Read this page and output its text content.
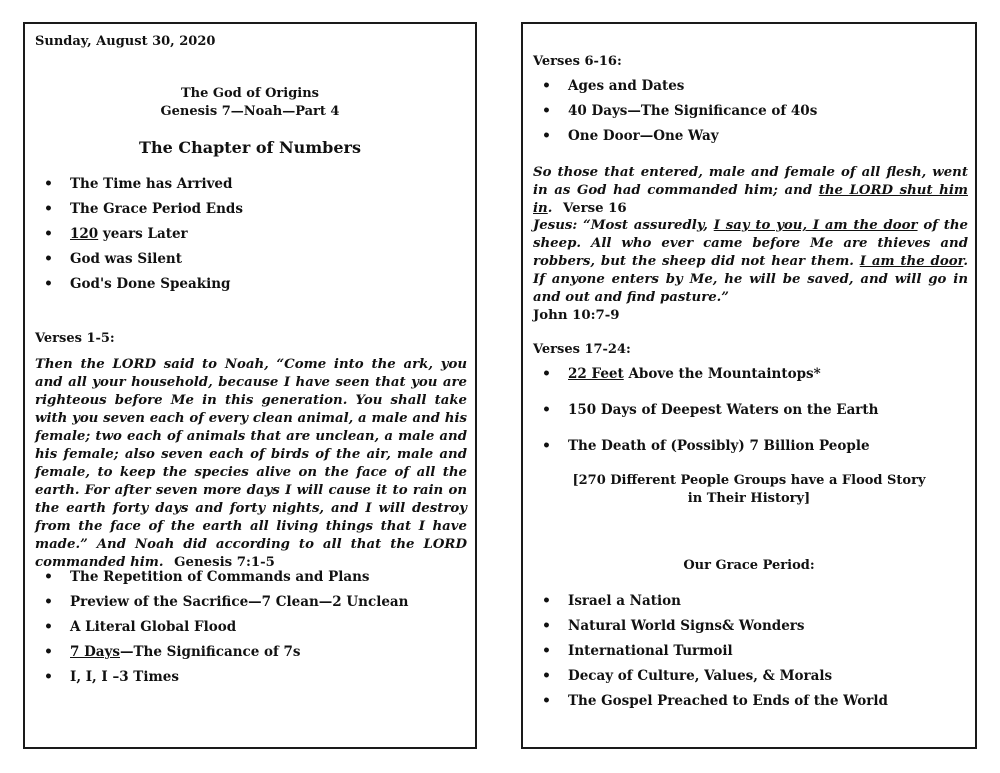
Sunday, August 30, 2020
The God of Origins
Genesis 7—Noah—Part 4
The Chapter of Numbers
• The Time has Arrived
• The Grace Period Ends
• 120 years Later
• God was Silent
• God's Done Speaking
Verses 1-5:
Then the LORD said to Noah, “Come into the ark, you and all your household, because I have seen that you are righteous before Me in this generation. You shall take with you seven each of every clean animal, a male and his female; two each of animals that are unclean, a male and his female; also seven each of birds of the air, male and female, to keep the species alive on the face of all the earth. For after seven more days I will cause it to rain on the earth forty days and forty nights, and I will destroy from the face of the earth all living things that I have made.” And Noah did according to all that the LORD commanded him. Genesis 7:1-5
• The Repetition of Commands and Plans
• Preview of the Sacrifice—7 Clean—2 Unclean
• A Literal Global Flood
• 7 Days—The Significance of 7s
• I, I, I –3 Times
Verses 6-16:
• Ages and Dates
• 40 Days—The Significance of 40s
• One Door—One Way
So those that entered, male and female of all flesh, went in as God had commanded him; and the LORD shut him in. Verse 16
Jesus: “Most assuredly, I say to you, I am the door of the sheep. All who ever came before Me are thieves and robbers, but the sheep did not hear them. I am the door. If anyone enters by Me, he will be saved, and will go in and out and find pasture.”
John 10:7-9
Verses 17-24:
• 22 Feet Above the Mountaintops*
• 150 Days of Deepest Waters on the Earth
• The Death of (Possibly) 7 Billion People
[270 Different People Groups have a Flood Story
in Their History]
Our Grace Period:
• Israel a Nation
• Natural World Signs& Wonders
• International Turmoil
• Decay of Culture, Values, & Morals
• The Gospel Preached to Ends of the World
